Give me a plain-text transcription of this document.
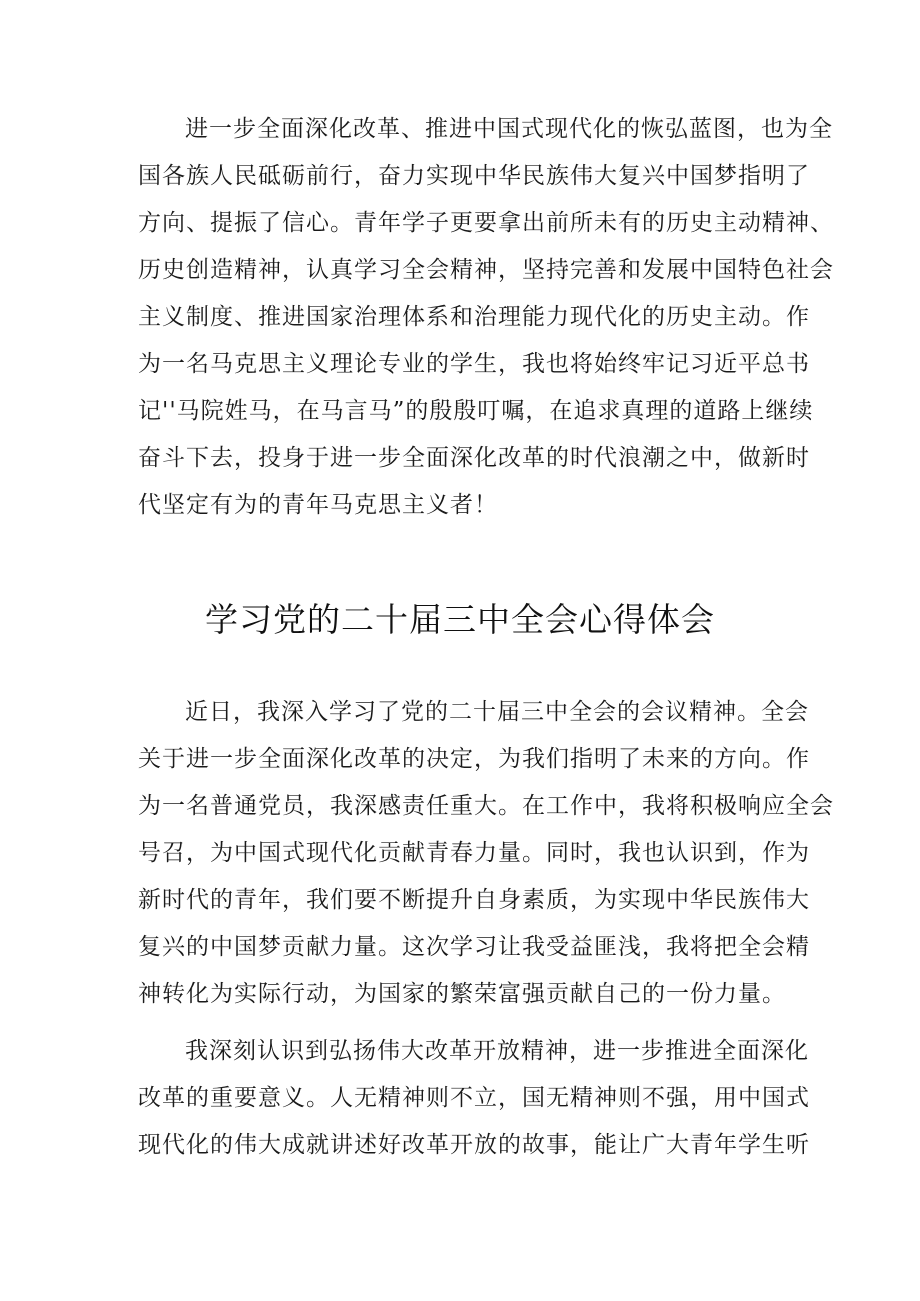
进一步全面深化改革、推进中国式现代化的恢弘蓝图，也为全
国各族人民砥砺前行，奋力实现中华民族伟大复兴中国梦指明了
方向、提振了信心。青年学子更要拿出前所未有的历史主动精神、
历史创造精神，认真学习全会精神，坚持完善和发展中国特色社会
主义制度、推进国家治理体系和治理能力现代化的历史主动。作
为一名马克思主义理论专业的学生，我也将始终牢记习近平总书
记''马院姓马，在马言马”的殷殷叮嘱，在追求真理的道路上继续
奋斗下去，投身于进一步全面深化改革的时代浪潮之中，做新时
代坚定有为的青年马克思主义者！
学习党的二十届三中全会心得体会
近日，我深入学习了党的二十届三中全会的会议精神。全会
关于进一步全面深化改革的决定，为我们指明了未来的方向。作
为一名普通党员，我深感责任重大。在工作中，我将积极响应全会
号召，为中国式现代化贡献青春力量。同时，我也认识到，作为
新时代的青年，我们要不断提升自身素质，为实现中华民族伟大
复兴的中国梦贡献力量。这次学习让我受益匪浅，我将把全会精
神转化为实际行动，为国家的繁荣富强贡献自己的一份力量。
我深刻认识到弘扬伟大改革开放精神，进一步推进全面深化
改革的重要意义。人无精神则不立，国无精神则不强，用中国式
现代化的伟大成就讲述好改革开放的故事，能让广大青年学生听
